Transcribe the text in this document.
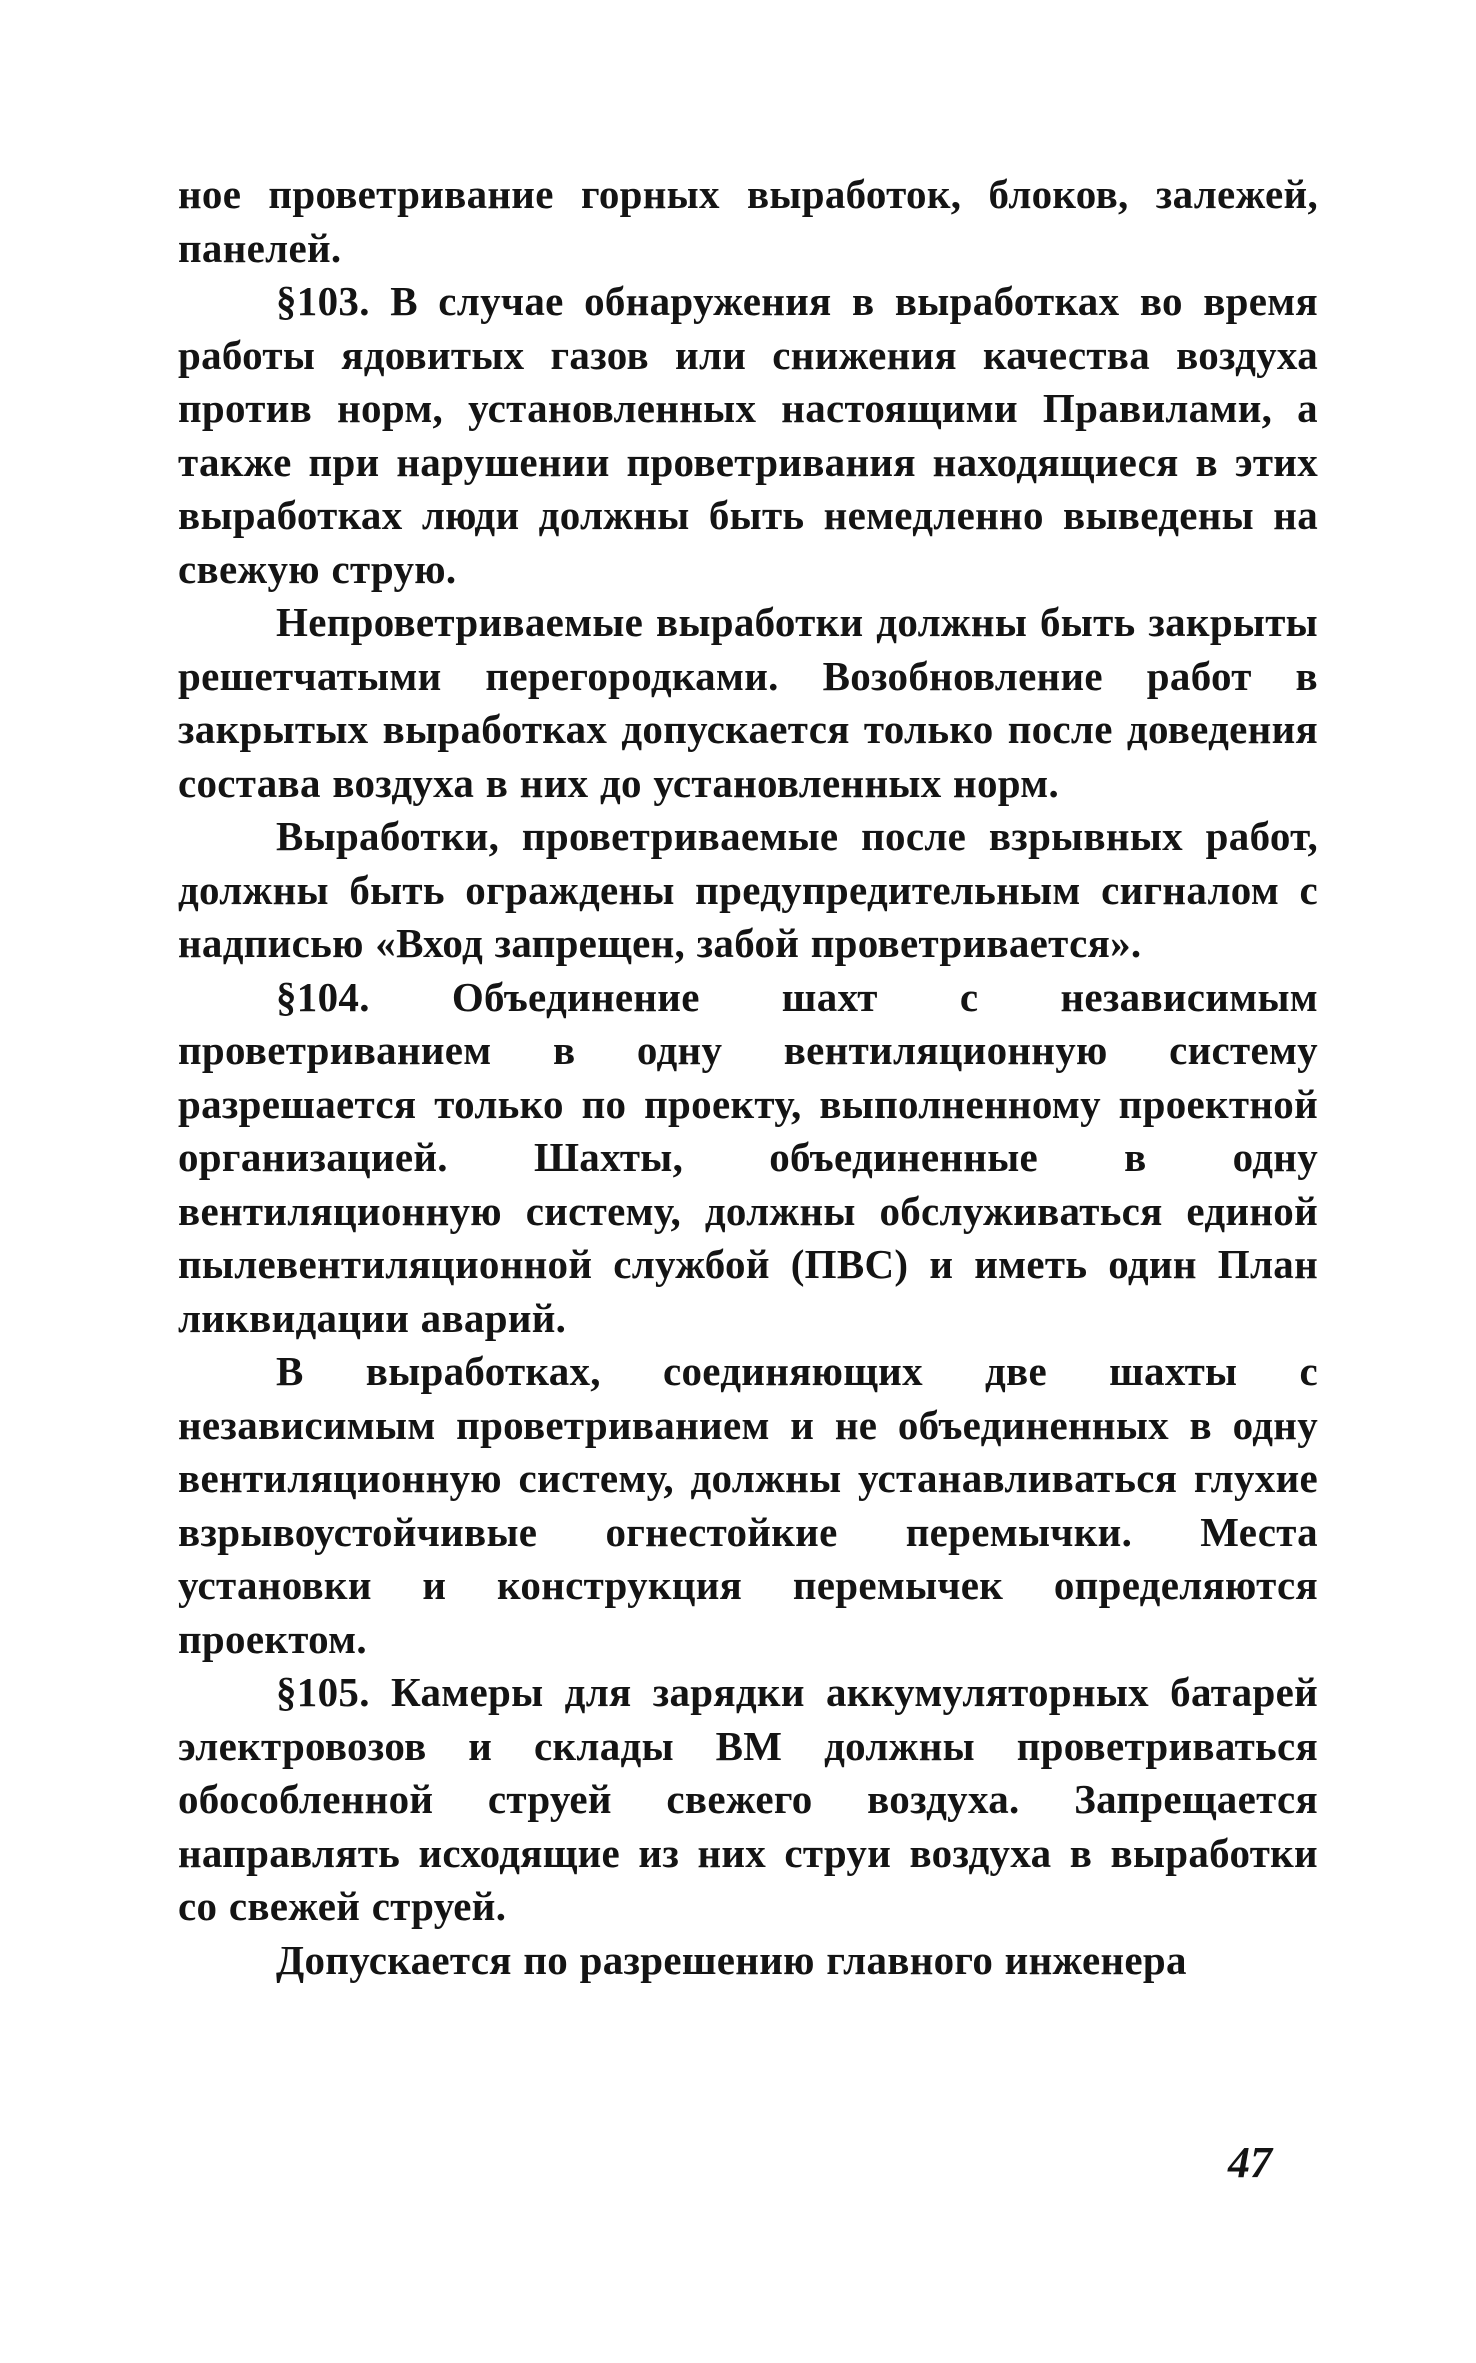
ное проветривание горных выработок, блоков, залежей, панелей.

§103. В случае обнаружения в выработках во время работы ядовитых газов или снижения качества воздуха против норм, установленных настоящими Правилами, а также при нарушении проветривания находящиеся в этих выработках люди должны быть немедленно выведены на свежую струю.

Непроветриваемые выработки должны быть закрыты решетчатыми перегородками. Возобновление работ в закрытых выработках допускается только после доведения состава воздуха в них до установленных норм.

Выработки, проветриваемые после взрывных работ, должны быть ограждены предупредительным сигналом с надписью «Вход запрещен, забой проветривается».

§104. Объединение шахт с независимым проветриванием в одну вентиляционную систему разрешается только по проекту, выполненному проектной организацией. Шахты, объединенные в одну вентиляционную систему, должны обслуживаться единой пылевентиляционной службой (ПВС) и иметь один План ликвидации аварий.

В выработках, соединяющих две шахты с независимым проветриванием и не объединенных в одну вентиляционную систему, должны устанавливаться глухие взрывоустойчивые огнестойкие перемычки. Места установки и конструкция перемычек определяются проектом.

§105. Камеры для зарядки аккумуляторных батарей электровозов и склады ВМ должны проветриваться обособленной струей свежего воздуха. Запрещается направлять исходящие из них струи воздуха в выработки со свежей струей.

Допускается по разрешению главного инженера

47
